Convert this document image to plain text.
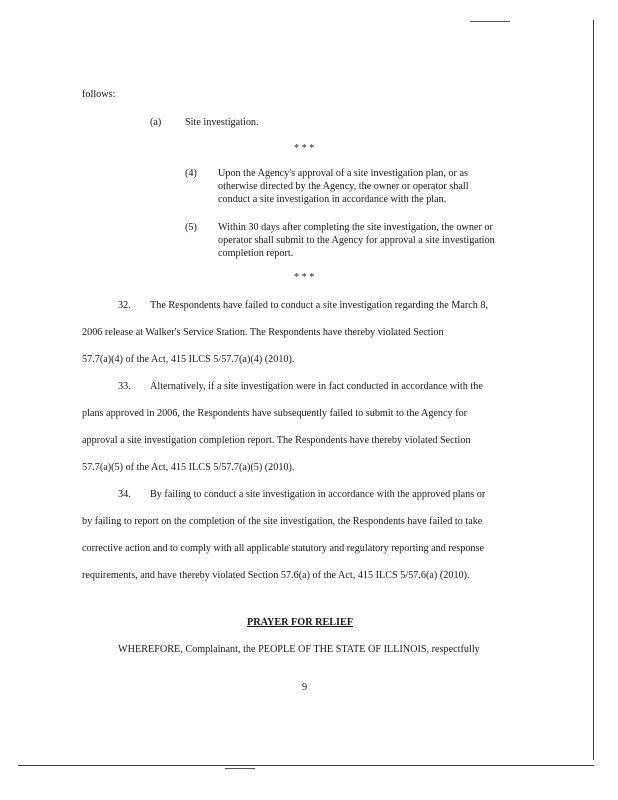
follows:
(a) Site investigation.
* * *
(4) Upon the Agency's approval of a site investigation plan, or as
otherwise directed by the Agency, the owner or operator shall
conduct a site investigation in accordance with the plan.
(5) Within 30 days after completing the site investigation, the owner or
operator shall submit to the Agency for approval a site investigation
completion report.
* * *
32. The Respondents have failed to conduct a site investigation regarding the March 8,
2006 release at Walker's Service Station. The Respondents have thereby violated Section
57.7(a)(4) of the Act, 415 ILCS 5/57.7(a)(4) (2010).
33. Alternatively, if a site investigation were in fact conducted in accordance with the
plans approved in 2006, the Respondents have subsequently failed to submit to the Agency for
approval a site investigation completion report. The Respondents have thereby violated Section
57.7(a)(5) of the Act, 415 ILCS 5/57.7(a)(5) (2010).
34. By failing to conduct a site investigation in accordance with the approved plans or
by failing to report on the completion of the site investigation, the Respondents have failed to take
corrective action and to comply with all applicable statutory and regulatory reporting and response
requirements, and have thereby violated Section 57.6(a) of the Act, 415 ILCS 5/57.6(a) (2010).
PRAYER FOR RELIEF
WHEREFORE, Complainant, the PEOPLE OF THE STATE OF ILLINOIS, respectfully
9
